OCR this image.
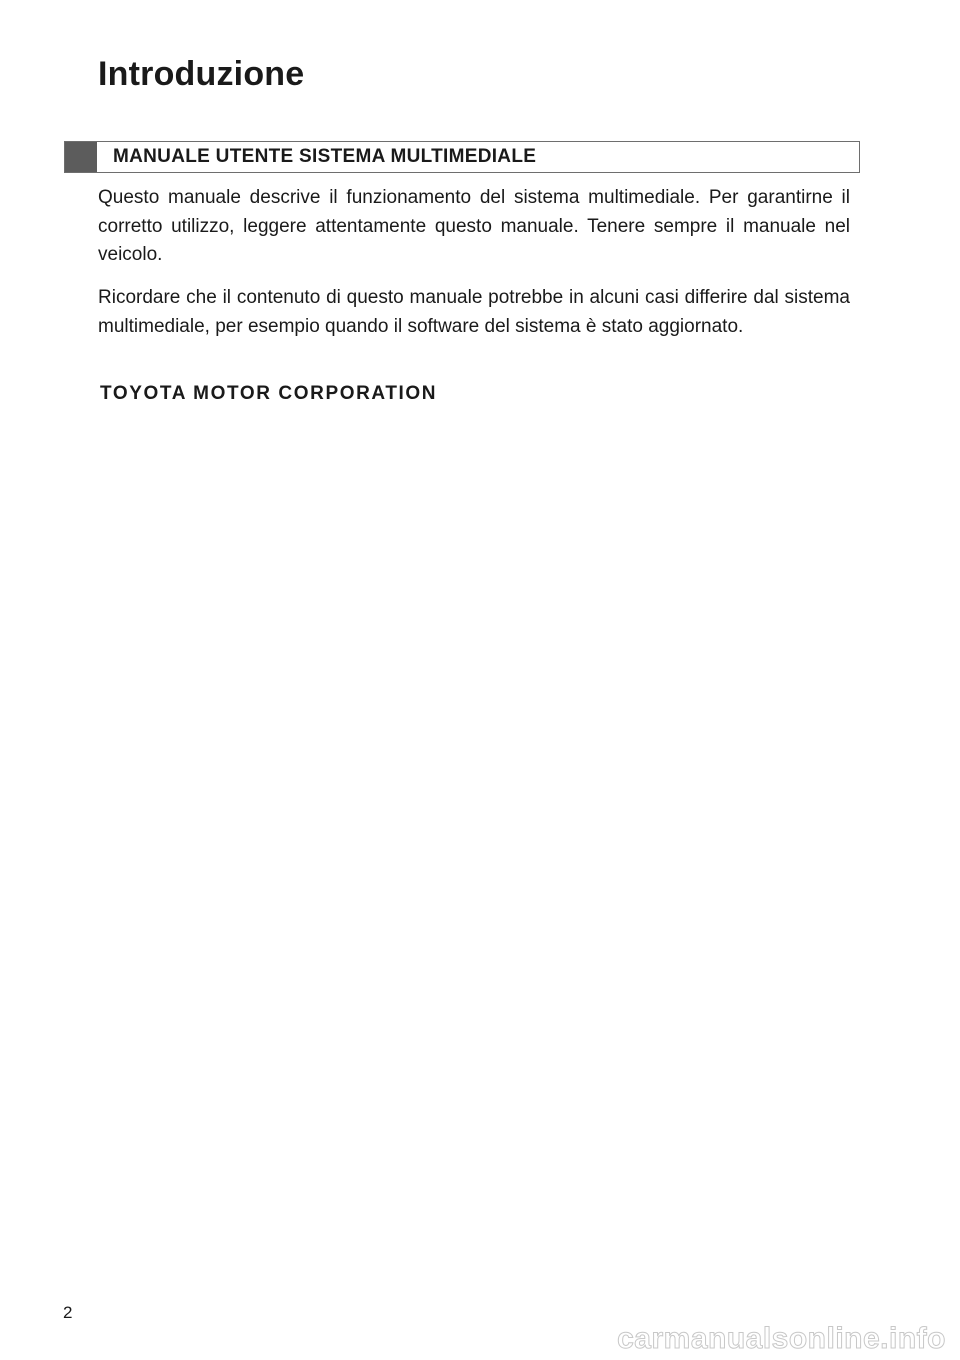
Introduzione
MANUALE UTENTE SISTEMA MULTIMEDIALE

Questo manuale descrive il funzionamento del sistema multimediale. Per garantirne il corretto utilizzo, leggere attentamente questo manuale. Tenere sempre il manuale nel veicolo.

Ricordare che il contenuto di questo manuale potrebbe in alcuni casi differire dal sistema multimediale, per esempio quando il software del sistema è stato aggiornato.

TOYOTA MOTOR CORPORATION
2
carmanualsonline.info
